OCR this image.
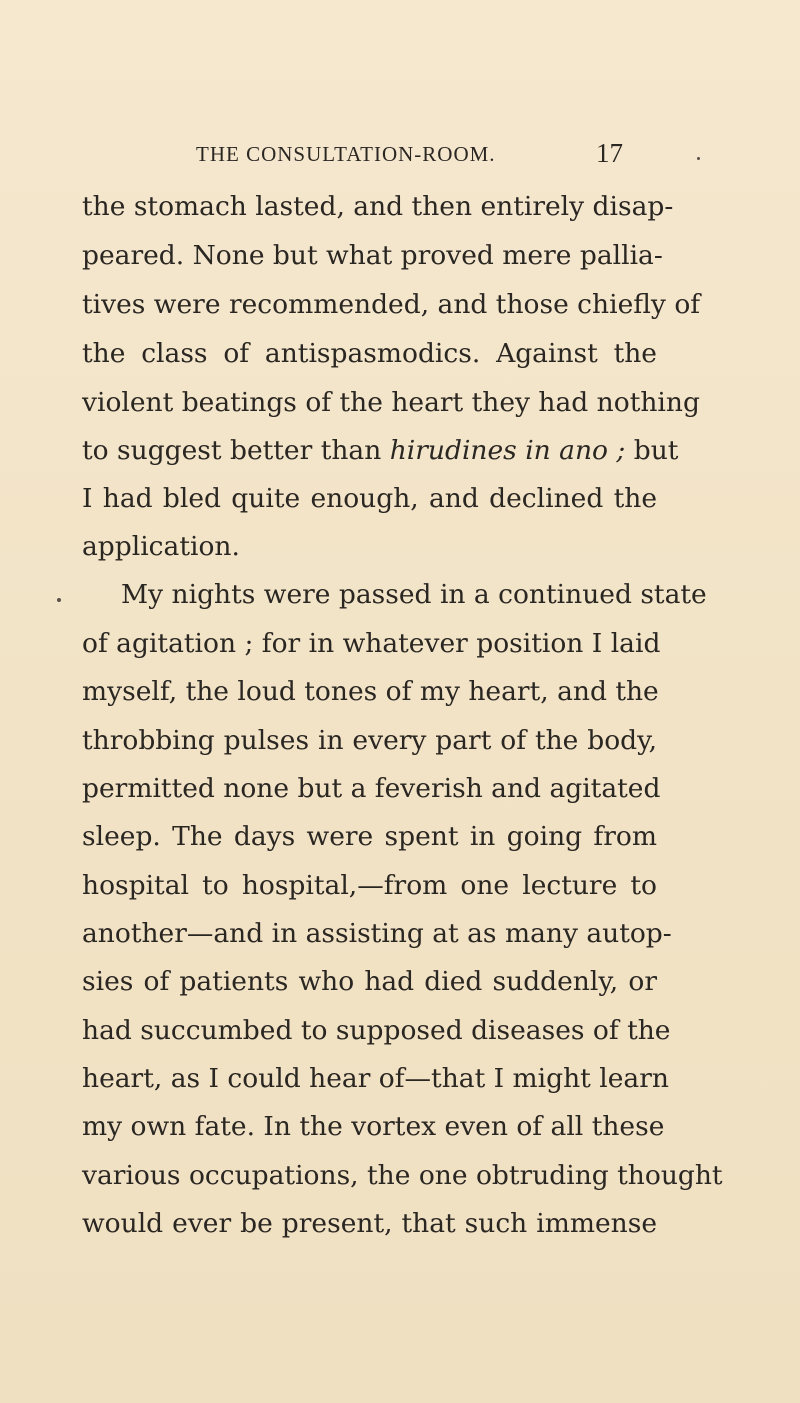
THE CONSULTATION-ROOM.	17
the stomach lasted, and then entirely disap-
peared. None but what proved mere pallia-
tives were recommended, and those chiefly of
the class of antispasmodics. Against the
violent beatings of the heart they had nothing
to suggest better than hirudines in ano ; but
I had bled quite enough, and declined the
application.
My nights were passed in a continued state
of agitation ; for in whatever position I laid
myself, the loud tones of my heart, and the
throbbing pulses in every part of the body,
permitted none but a feverish and agitated
sleep. The days were spent in going from
hospital to hospital,—from one lecture to
another—and in assisting at as many autop-
sies of patients who had died suddenly, or
had succumbed to supposed diseases of the
heart, as I could hear of—that I might learn
my own fate. In the vortex even of all these
various occupations, the one obtruding thought
would ever be present, that such immense
